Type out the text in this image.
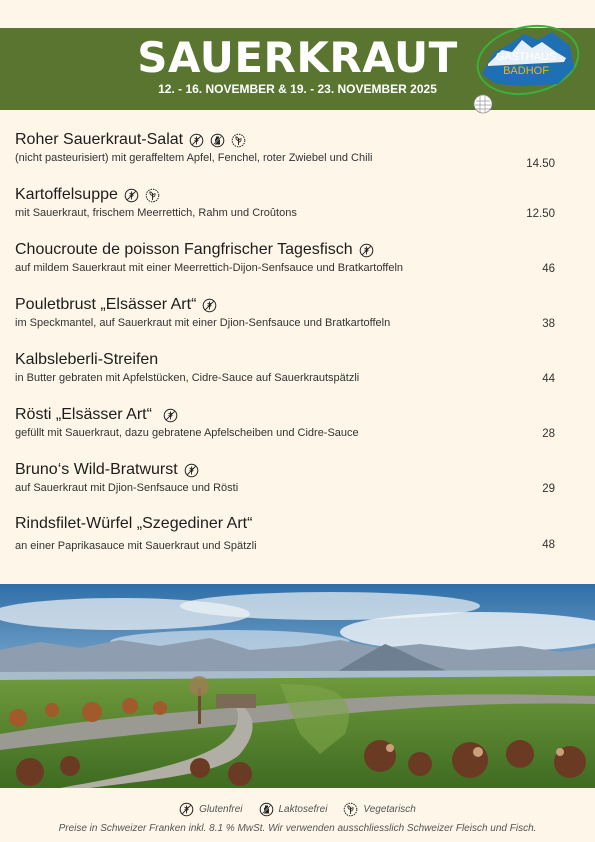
SAUERKRAUT
12. - 16. NOVEMBER & 19. - 23. NOVEMBER 2025
GASTHAUS
BADHOF
Roher Sauerkraut-Salat
(nicht pasteurisiert) mit geraffeltem Apfel, Fenchel, roter Zwiebel und Chili	14.50
Kartoffelsuppe
mit Sauerkraut, frischem Meerrettich, Rahm und Croûtons	12.50
Choucroute de poisson Fangfrischer Tagesfisch
auf mildem Sauerkraut mit einer Meerrettich-Dijon-Senfsauce und Bratkartoffeln	46
Pouletbrust „Elsässer Art“
im Speckmantel, auf Sauerkraut mit einer Djion-Senfsauce und Bratkartoffeln	38
Kalbsleberli-Streifen
in Butter gebraten mit Apfelstücken, Cidre-Sauce auf Sauerkrautspätzli	44
Rösti „Elsässer Art“
gefüllt mit Sauerkraut, dazu gebratene Apfelscheiben und Cidre-Sauce	28
Bruno‘s Wild-Bratwurst
auf Sauerkraut mit Djion-Senfsauce und Rösti	29
Rindsfilet-Würfel „Szegediner Art“
an einer Paprikasauce mit Sauerkraut und Spätzli	48
Glutenfrei	Laktosefrei	Vegetarisch
Preise in Schweizer Franken inkl. 8.1 % MwSt. Wir verwenden ausschliesslich Schweizer Fleisch und Fisch.
